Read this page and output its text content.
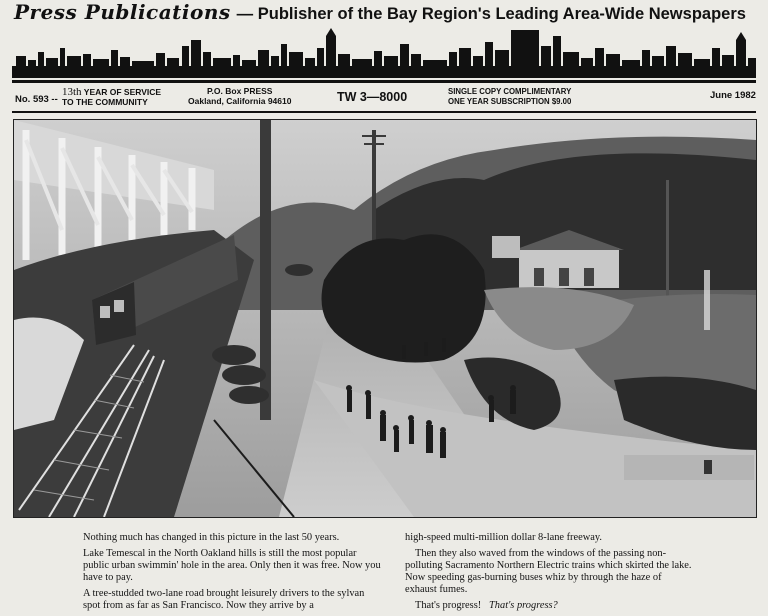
Press Publications — Publisher of the Bay Region's Leading Area-Wide Newspapers
No. 593 --
13th YEAR OF SERVICE
TO THE COMMUNITY
P.O. Box PRESS
Oakland, California 94610	TW 3—8000	SINGLE COPY COMPLIMENTARY
ONE YEAR SUBSCRIPTION $9.00	June 1982

Nothing much has changed in this picture in the last 50 years.

Lake Temescal in the North Oakland hills is still the most popular public urban swimmin' hole in the area. Only then it was free. Now you have to pay.

A tree-studded two-lane road brought leisurely drivers to the sylvan spot from as far as San Francisco. Now they arrive by a

high-speed multi-million dollar 8-lane freeway.

Then they also waved from the windows of the passing non-polluting Sacramento Northern Electric trains which skirted the lake. Now speeding gas-burning buses whiz by through the haze of exhaust fumes.

That's progress! That's progress?
